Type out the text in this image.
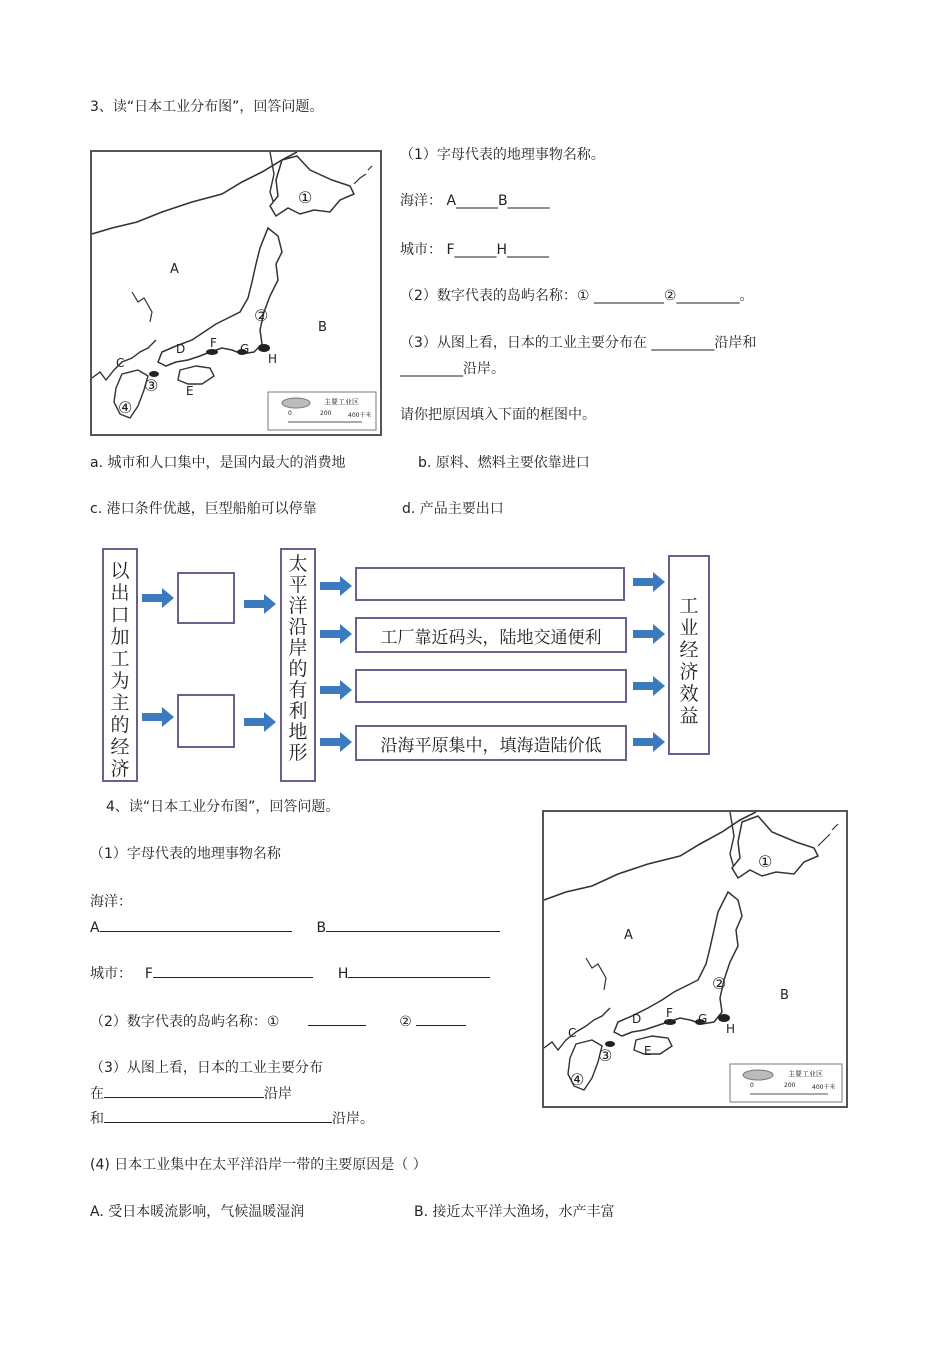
3、读“日本工业分布图”，回答问题。
A
B
C
D
E
F G
H
①
②
③
④	主要工业区
0	200	400千米
（1）字母代表的地理事物名称。
海洋： A______B______
城市： F______H______
（2）数字代表的岛屿名称：① __________②_________。
（3）从图上看，日本的工业主要分布在 _________沿岸和
_________沿岸。
请你把原因填入下面的框图中。
a. 城市和人口集中，是国内最大的消费地	b. 原料、燃料主要依靠进口
c. 港口条件优越，巨型船舶可以停靠	d. 产品主要出口
以出口加工为主的经济
太平洋沿岸的有利地形
工厂靠近码头，陆地交通便利
沿海平原集中，填海造陆价低
工业经济效益
4、读“日本工业分布图”，回答问题。
（1）字母代表的地理事物名称
海洋：
A	B
城市： F	H
（2）数字代表的岛屿名称：①	②
（3）从图上看，日本的工业主要分布
在	沿岸
和	沿岸。
A
B
C
D
E
F G
H
①
②
③
④	主要工业区
0	200	400千米
(4) 日本工业集中在太平洋沿岸一带的主要原因是（ ）
A. 受日本暖流影响，气候温暖湿润	B. 接近太平洋大渔场，水产丰富
